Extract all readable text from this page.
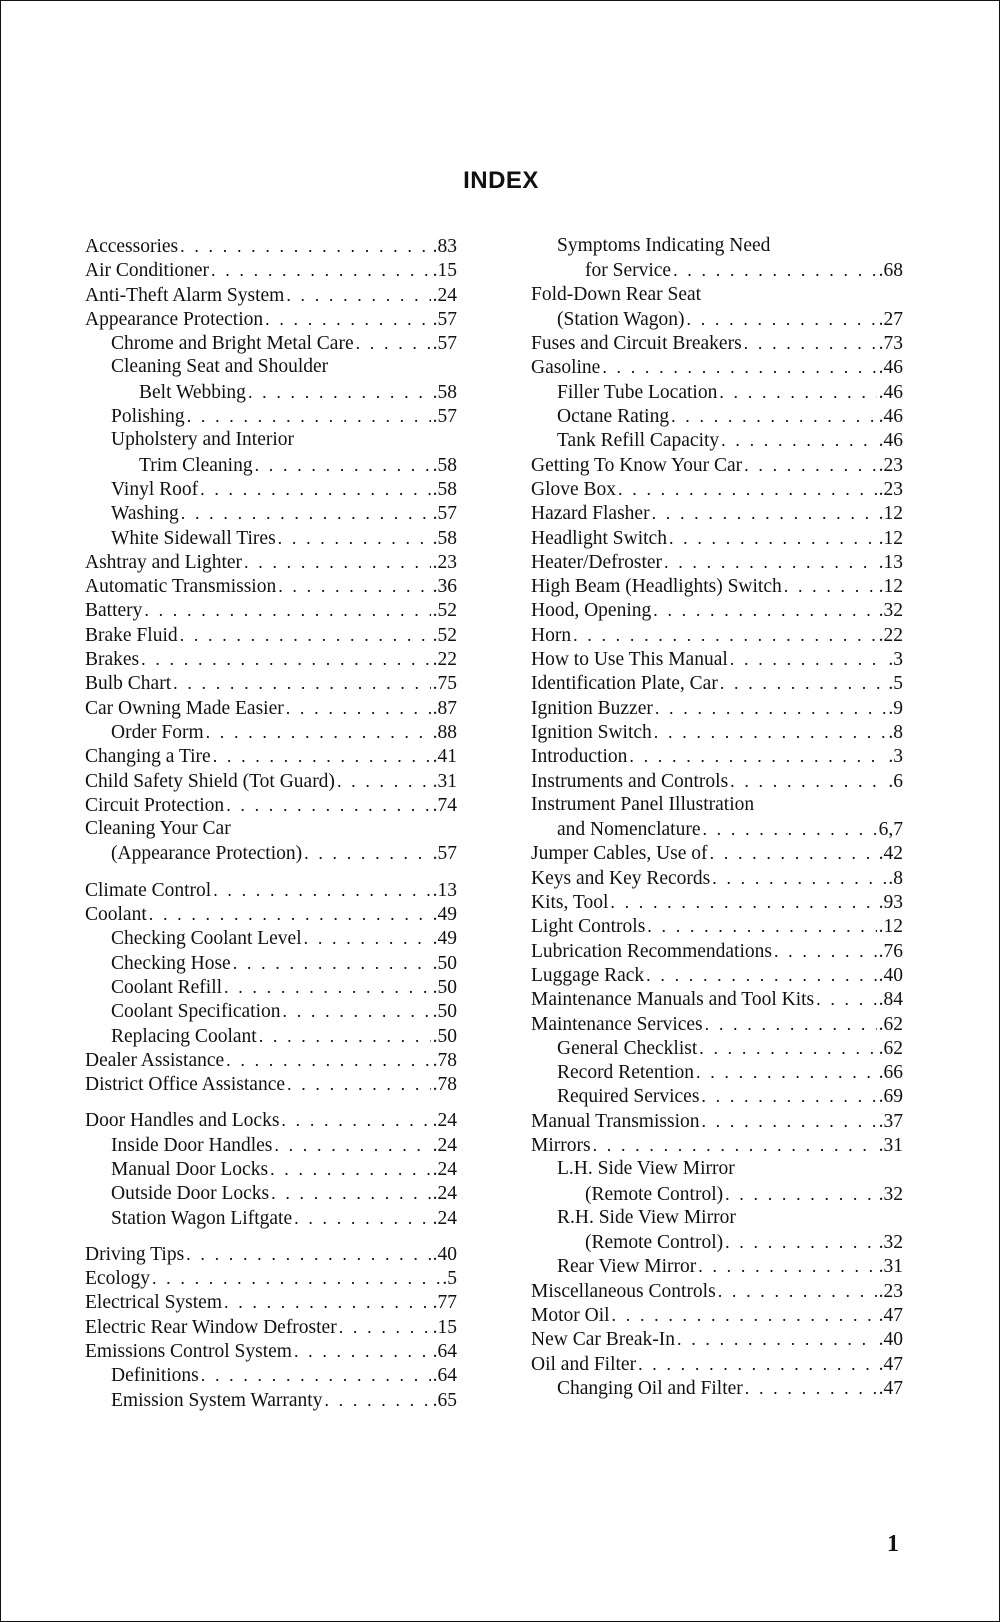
INDEX
Accessories . . .	.83
Air Conditioner . . .	.15
Anti-Theft Alarm System . . .	.24
Appearance Protection . . .	.57
Chrome and Bright Metal Care . . .	.57
Cleaning Seat and Shoulder
Belt Webbing . . .	.58
Polishing . . .	.57
Upholstery and Interior
Trim Cleaning . . .	.58
Vinyl Roof . . .	.58
Washing . . .	.57
White Sidewall Tires . . .	.58
Ashtray and Lighter . . .	.23
Automatic Transmission . . .	.36
Battery . . .	.52
Brake Fluid . . .	.52
Brakes . . .	.22
Bulb Chart . . .	.75
Car Owning Made Easier . . .	.87
Order Form . . .	.88
Changing a Tire . . .	.41
Child Safety Shield (Tot Guard) . . .	.31
Circuit Protection . . .	.74
Cleaning Your Car
(Appearance Protection) . . .	.57
Climate Control . . .	.13
Coolant . . .	.49
Checking Coolant Level . . .	.49
Checking Hose . . .	.50
Coolant Refill . . .	.50
Coolant Specification . . .	.50
Replacing Coolant . . .	.50
Dealer Assistance . . .	.78
District Office Assistance . . .	.78
Door Handles and Locks . . .	.24
Inside Door Handles . . .	.24
Manual Door Locks . . .	.24
Outside Door Locks . . .	.24
Station Wagon Liftgate . . .	.24
Driving Tips . . .	.40
Ecology . . .	.5
Electrical System . . .	.77
Electric Rear Window Defroster . . .	.15
Emissions Control System . . .	.64
Definitions . . .	.64
Emission System Warranty . . .	.65
Symptoms Indicating Need
for Service . . .	.68
Fold-Down Rear Seat
(Station Wagon) . . .	.27
Fuses and Circuit Breakers . . .	.73
Gasoline . . .	.46
Filler Tube Location . . .	.46
Octane Rating . . .	.46
Tank Refill Capacity . . .	.46
Getting To Know Your Car . . .	.23
Glove Box . . .	.23
Hazard Flasher . . .	.12
Headlight Switch . . .	.12
Heater/Defroster . . .	.13
High Beam (Headlights) Switch . . .	.12
Hood, Opening . . .	.32
Horn . . .	.22
How to Use This Manual . . .	.3
Identification Plate, Car . . .	.5
Ignition Buzzer . . .	.9
Ignition Switch . . .	.8
Introduction . . .	.3
Instruments and Controls . . .	.6
Instrument Panel Illustration
and Nomenclature . . .	6,7
Jumper Cables, Use of . . .	.42
Keys and Key Records . . .	.8
Kits, Tool . . .	.93
Light Controls . . .	.12
Lubrication Recommendations . . .	.76
Luggage Rack . . .	.40
Maintenance Manuals and Tool Kits . . .	.84
Maintenance Services . . .	.62
General Checklist . . .	.62
Record Retention . . .	.66
Required Services . . .	.69
Manual Transmission . . .	.37
Mirrors . . .	.31
L.H. Side View Mirror
(Remote Control) . . .	.32
R.H. Side View Mirror
(Remote Control) . . .	.32
Rear View Mirror . . .	.31
Miscellaneous Controls . . .	.23
Motor Oil . . .	.47
New Car Break-In . . .	.40
Oil and Filter . . .	.47
Changing Oil and Filter . . .	.47
1
